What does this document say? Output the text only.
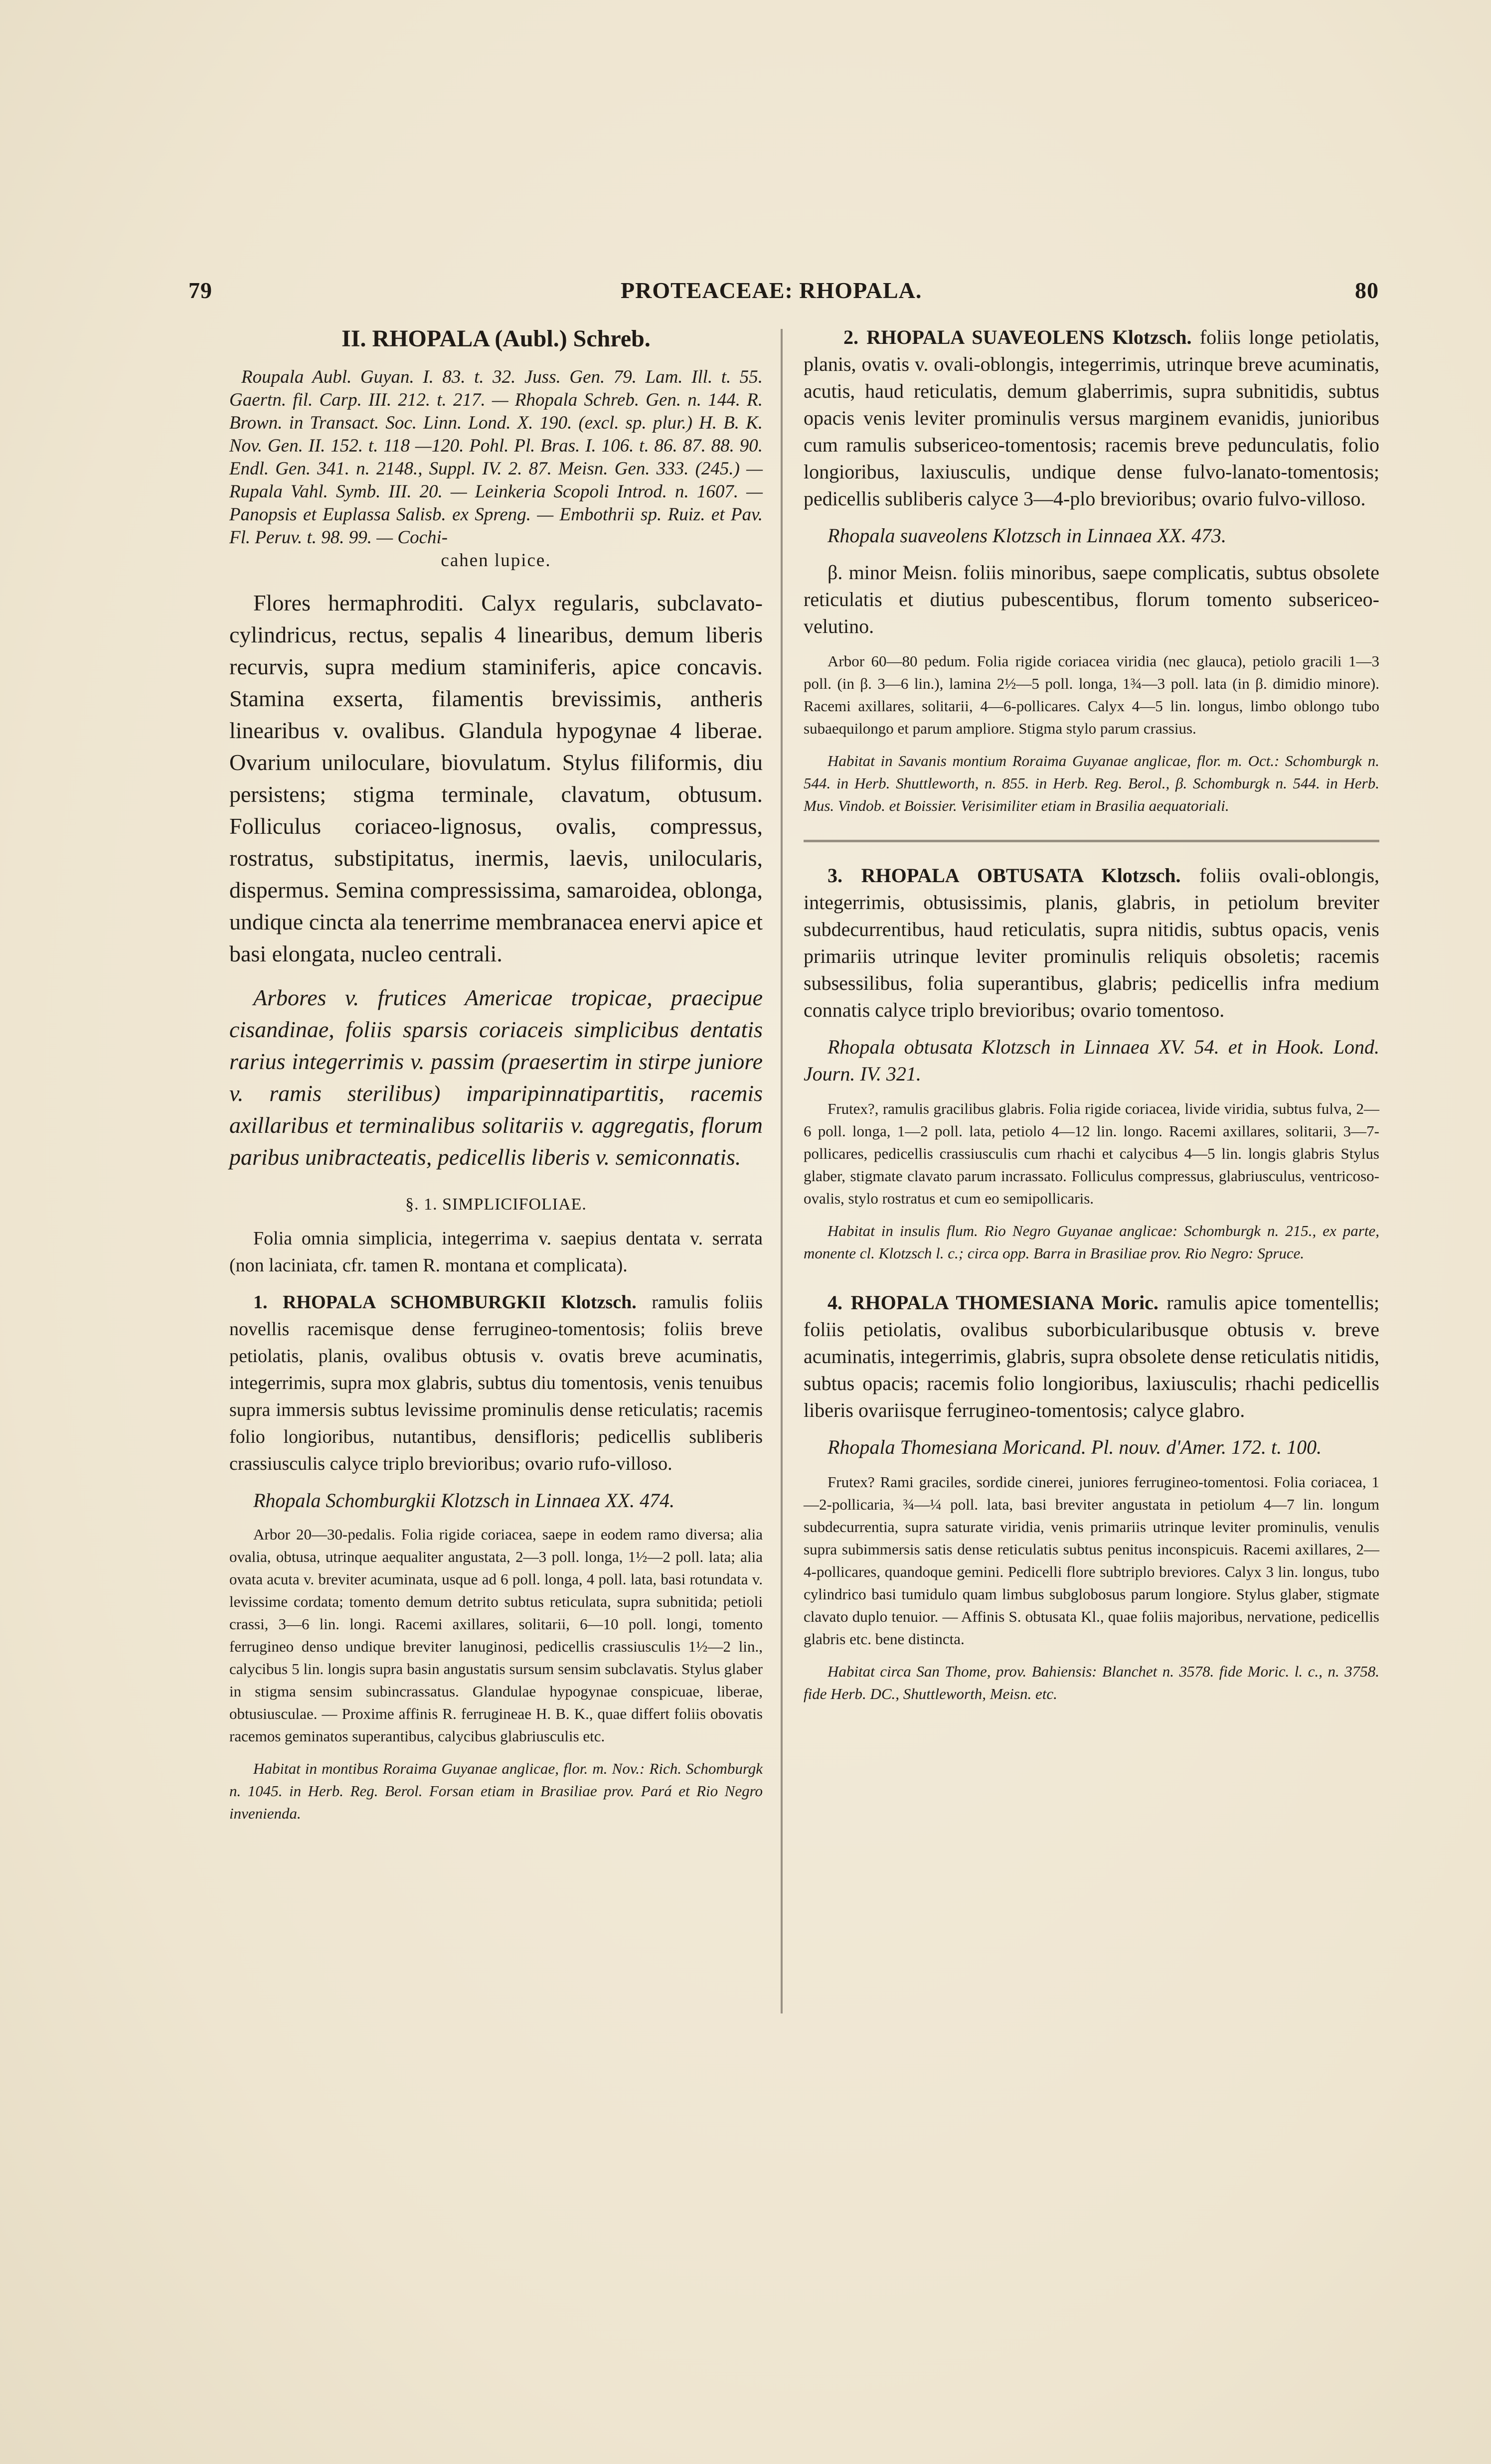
79	PROTEACEAE: RHOPALA.	80

II. RHOPALA (Aubl.) Schreb.

Roupala Aubl. Guyan. I. 83. t. 32. Juss. Gen. 79. Lam. Ill. t. 55. Gaertn. fil. Carp. III. 212. t. 217. — Rhopala Schreb. Gen. n. 144. R. Brown. in Transact. Soc. Linn. Lond. X. 190. (excl. sp. plur.) H. B. K. Nov. Gen. II. 152. t. 118 —120. Pohl. Pl. Bras. I. 106. t. 86. 87. 88. 90. Endl. Gen. 341. n. 2148., Suppl. IV. 2. 87. Meisn. Gen. 333. (245.) — Rupala Vahl. Symb. III. 20. — Leinkeria Scopoli Introd. n. 1607. — Panopsis et Euplassa Salisb. ex Spreng. — Embothrii sp. Ruiz. et Pav. Fl. Peruv. t. 98. 99. — Cochi-

cahen lupice.

Flores hermaphroditi. Calyx regularis, subclavato-cylindricus, rectus, sepalis 4 linearibus, demum liberis recurvis, supra medium staminiferis, apice concavis. Stamina exserta, filamentis brevissimis, antheris linearibus v. ovalibus. Glandula hypogynae 4 liberae. Ovarium uniloculare, biovulatum. Stylus filiformis, diu persistens; stigma terminale, clavatum, obtusum. Folliculus coriaceo-lignosus, ovalis, compressus, rostratus, substipitatus, inermis, laevis, unilocularis, dispermus. Semina compressissima, samaroidea, oblonga, undique cincta ala tenerrime membranacea enervi apice et basi elongata, nucleo centrali.

Arbores v. frutices Americae tropicae, praecipue cisandinae, foliis sparsis coriaceis simplicibus dentatis rarius integerrimis v. passim (praesertim in stirpe juniore v. ramis sterilibus) imparipinnatipartitis, racemis axillaribus et terminalibus solitariis v. aggregatis, florum paribus unibracteatis, pedicellis liberis v. semiconnatis.

§. 1. SIMPLICIFOLIAE.

Folia omnia simplicia, integerrima v. saepius dentata v. serrata (non laciniata, cfr. tamen R. montana et complicata).

1. RHOPALA SCHOMBURGKII Klotzsch. ramulis foliis novellis racemisque dense ferrugineo-tomentosis; foliis breve petiolatis, planis, ovalibus obtusis v. ovatis breve acuminatis, integerrimis, supra mox glabris, subtus diu tomentosis, venis tenuibus supra immersis subtus levissime prominulis dense reticulatis; racemis folio longioribus, nutantibus, densifloris; pedicellis subliberis crassiusculis calyce triplo brevioribus; ovario rufo-villoso.

Rhopala Schomburgkii Klotzsch in Linnaea XX. 474.

Arbor 20—30-pedalis. Folia rigide coriacea, saepe in eodem ramo diversa; alia ovalia, obtusa, utrinque aequaliter angustata, 2—3 poll. longa, 1½—2 poll. lata; alia ovata acuta v. breviter acuminata, usque ad 6 poll. longa, 4 poll. lata, basi rotundata v. levissime cordata; tomento demum detrito subtus reticulata, supra subnitida; petioli crassi, 3—6 lin. longi. Racemi axillares, solitarii, 6—10 poll. longi, tomento ferrugineo denso undique breviter lanuginosi, pedicellis crassiusculis 1½—2 lin., calycibus 5 lin. longis supra basin angustatis sursum sensim subclavatis. Stylus glaber in stigma sensim subincrassatus. Glandulae hypogynae conspicuae, liberae, obtusiusculae. — Proxime affinis R. ferrugineae H. B. K., quae differt foliis obovatis racemos geminatos superantibus, calycibus glabriusculis etc.

Habitat in montibus Roraima Guyanae anglicae, flor. m. Nov.: Rich. Schomburgk n. 1045. in Herb. Reg. Berol. Forsan etiam in Brasiliae prov. Pará et Rio Negro invenienda.

2. RHOPALA SUAVEOLENS Klotzsch. foliis longe petiolatis, planis, ovatis v. ovali-oblongis, integerrimis, utrinque breve acuminatis, acutis, haud reticulatis, demum glaberrimis, supra subnitidis, subtus opacis venis leviter prominulis versus marginem evanidis, junioribus cum ramulis subsericeo-tomentosis; racemis breve pedunculatis, folio longioribus, laxiusculis, undique dense fulvo-lanato-tomentosis; pedicellis subliberis calyce 3—4-plo brevioribus; ovario fulvo-villoso.

Rhopala suaveolens Klotzsch in Linnaea XX. 473.

β. minor Meisn. foliis minoribus, saepe complicatis, subtus obsolete reticulatis et diutius pubescentibus, florum tomento subsericeo-velutino.

Arbor 60—80 pedum. Folia rigide coriacea viridia (nec glauca), petiolo gracili 1—3 poll. (in β. 3—6 lin.), lamina 2½—5 poll. longa, 1¾—3 poll. lata (in β. dimidio minore). Racemi axillares, solitarii, 4—6-pollicares. Calyx 4—5 lin. longus, limbo oblongo tubo subaequilongo et parum ampliore. Stigma stylo parum crassius.

Habitat in Savanis montium Roraima Guyanae anglicae, flor. m. Oct.: Schomburgk n. 544. in Herb. Shuttleworth, n. 855. in Herb. Reg. Berol., β. Schomburgk n. 544. in Herb. Mus. Vindob. et Boissier. Verisimiliter etiam in Brasilia aequatoriali.

3. RHOPALA OBTUSATA Klotzsch. foliis ovali-oblongis, integerrimis, obtusissimis, planis, glabris, in petiolum breviter subdecurrentibus, haud reticulatis, supra nitidis, subtus opacis, venis primariis utrinque leviter prominulis reliquis obsoletis; racemis subsessilibus, folia superantibus, glabris; pedicellis infra medium connatis calyce triplo brevioribus; ovario tomentoso.

Rhopala obtusata Klotzsch in Linnaea XV. 54. et in Hook. Lond. Journ. IV. 321.

Frutex?, ramulis gracilibus glabris. Folia rigide coriacea, livide viridia, subtus fulva, 2—6 poll. longa, 1—2 poll. lata, petiolo 4—12 lin. longo. Racemi axillares, solitarii, 3—7-pollicares, pedicellis crassiusculis cum rhachi et calycibus 4—5 lin. longis glabris Stylus glaber, stigmate clavato parum incrassato. Folliculus compressus, glabriusculus, ventricoso-ovalis, stylo rostratus et cum eo semipollicaris.

Habitat in insulis flum. Rio Negro Guyanae anglicae: Schomburgk n. 215., ex parte, monente cl. Klotzsch l. c.; circa opp. Barra in Brasiliae prov. Rio Negro: Spruce.

4. RHOPALA THOMESIANA Moric. ramulis apice tomentellis; foliis petiolatis, ovalibus suborbicularibusque obtusis v. breve acuminatis, integerrimis, glabris, supra obsolete dense reticulatis nitidis, subtus opacis; racemis folio longioribus, laxiusculis; rhachi pedicellis liberis ovariisque ferrugineo-tomentosis; calyce glabro.

Rhopala Thomesiana Moricand. Pl. nouv. d'Amer. 172. t. 100.

Frutex? Rami graciles, sordide cinerei, juniores ferrugineo-tomentosi. Folia coriacea, 1—2-pollicaria, ¾—¼ poll. lata, basi breviter angustata in petiolum 4—7 lin. longum subdecurrentia, supra saturate viridia, venis primariis utrinque leviter prominulis, venulis supra subimmersis satis dense reticulatis subtus penitus inconspicuis. Racemi axillares, 2—4-pollicares, quandoque gemini. Pedicelli flore subtriplo breviores. Calyx 3 lin. longus, tubo cylindrico basi tumidulo quam limbus subglobosus parum longiore. Stylus glaber, stigmate clavato duplo tenuior. — Affinis S. obtusata Kl., quae foliis majoribus, nervatione, pedicellis glabris etc. bene distincta.

Habitat circa San Thome, prov. Bahiensis: Blanchet n. 3578. fide Moric. l. c., n. 3758. fide Herb. DC., Shuttleworth, Meisn. etc.
